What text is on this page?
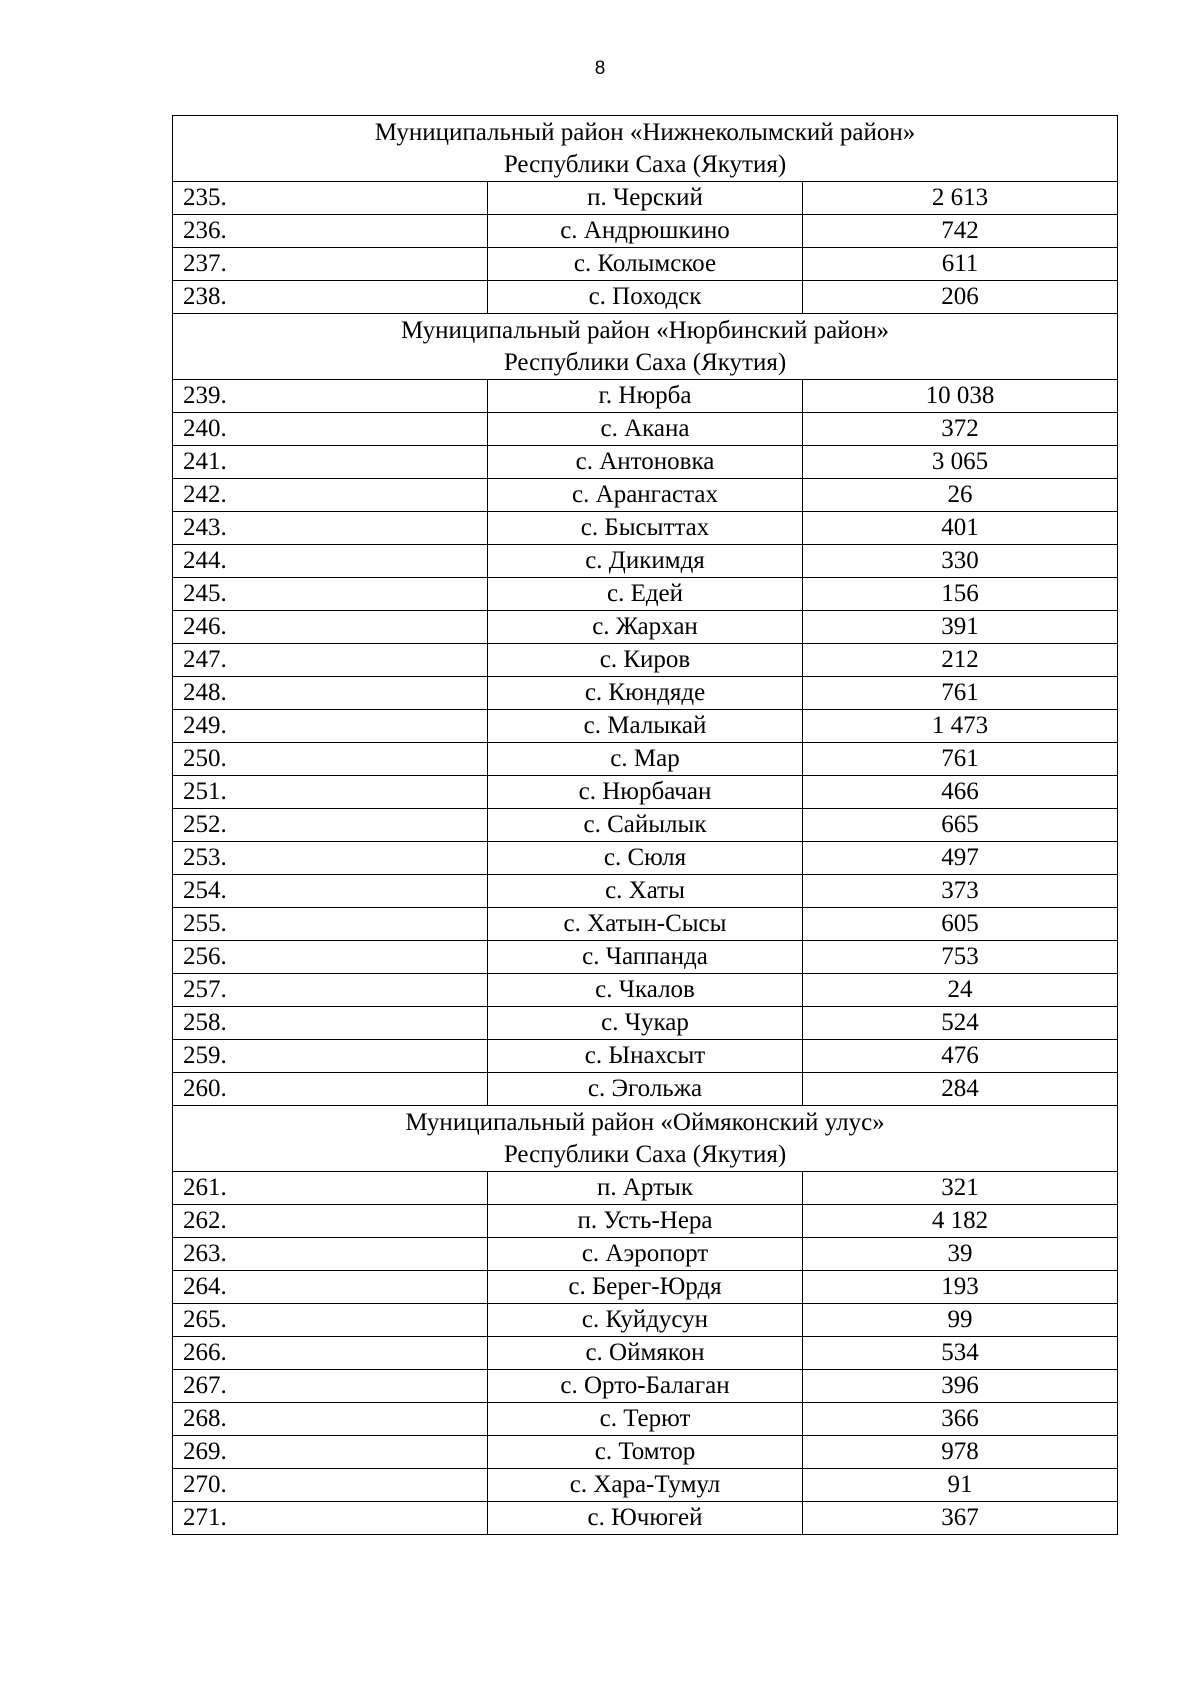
8
Муниципальный район «Нижнеколымский район»
Республики Саха (Якутия)		

235.	п. Черский	2 613
236.	с. Андрюшкино	742
237.	с. Колымское	611
238.	с. Походск	206

Муниципальный район «Нюрбинский район»
Республики Саха (Якутия)		

239.	г. Нюрба	10 038
240.	с. Акана	372
241.	с. Антоновка	3 065
242.	с. Арангастах	26
243.	с. Бысыттах	401
244.	с. Дикимдя	330
245.	с. Едей	156
246.	с. Жархан	391
247.	с. Киров	212
248.	с. Кюндяде	761
249.	с. Малыкай	1 473
250.	с. Мар	761
251.	с. Нюрбачан	466
252.	с. Сайылык	665
253.	с. Сюля	497
254.	с. Хаты	373
255.	с. Хатын-Сысы	605
256.	с. Чаппанда	753
257.	с. Чкалов	24
258.	с. Чукар	524
259.	с. Ынахсыт	476
260.	с. Эгольжа	284

Муниципальный район «Оймяконский улус»
Республики Саха (Якутия)		

261.	п. Артык	321
262.	п. Усть-Нера	4 182
263.	с. Аэропорт	39
264.	с. Берег-Юрдя	193
265.	с. Куйдусун	99
266.	с. Оймякон	534
267.	с. Орто-Балаган	396
268.	с. Терют	366
269.	с. Томтор	978
270.	с. Хара-Тумул	91
271.	с. Ючюгей	367
